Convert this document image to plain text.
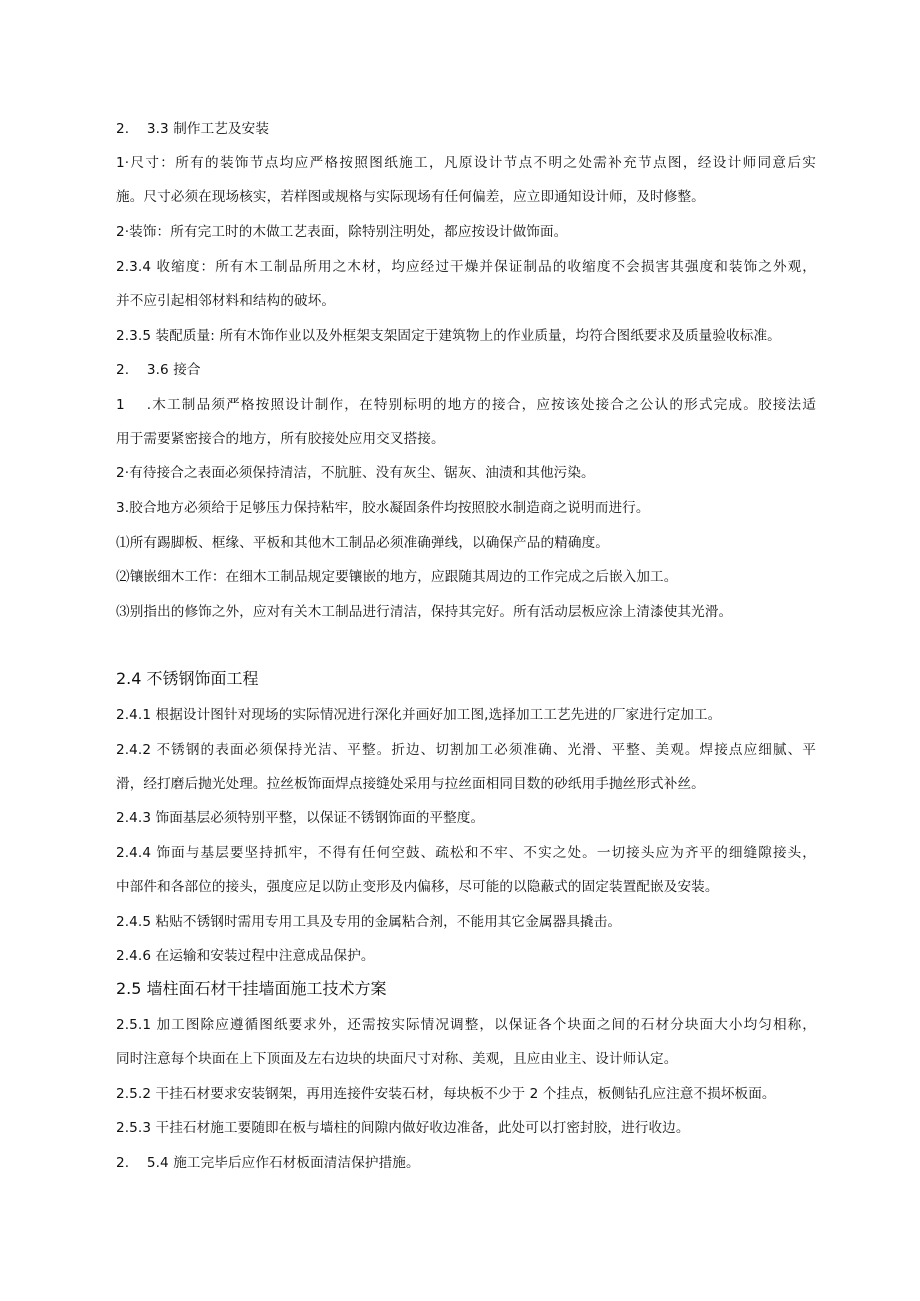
2.    3.3 制作工艺及安装
1·尺寸：所有的装饰节点均应严格按照图纸施工，凡原设计节点不明之处需补充节点图，经设计师同意后实
施。尺寸必须在现场核实，若样图或规格与实际现场有任何偏差，应立即通知设计师，及时修整。
2·装饰：所有完工时的木做工艺表面，除特别注明处，都应按设计做饰面。
2.3.4 收缩度：所有木工制品所用之木材，均应经过干燥并保证制品的收缩度不会损害其强度和装饰之外观，
并不应引起相邻材料和结构的破坏。
2.3.5 装配质量: 所有木饰作业以及外框架支架固定于建筑物上的作业质量，均符合图纸要求及质量验收标准。
2.    3.6 接合
1    .木工制品须严格按照设计制作，在特别标明的地方的接合，应按该处接合之公认的形式完成。胶接法适
用于需要紧密接合的地方，所有胶接处应用交叉搭接。
2·有待接合之表面必须保持清洁，不肮脏、没有灰尘、锯灰、油渍和其他污染。
3.胶合地方必须给于足够压力保持粘牢，胶水凝固条件均按照胶水制造商之说明而进行。
⑴所有踢脚板、框缘、平板和其他木工制品必须准确弹线，以确保产品的精确度。
⑵镶嵌细木工作：在细木工制品规定要镶嵌的地方，应跟随其周边的工作完成之后嵌入加工。
⑶别指出的修饰之外，应对有关木工制品进行清洁，保持其完好。所有活动层板应涂上清漆使其光滑。
2.4 不锈钢饰面工程
2.4.1 根据设计图针对现场的实际情况进行深化并画好加工图,选择加工工艺先进的厂家进行定加工。
2.4.2 不锈钢的表面必须保持光洁、平整。折边、切割加工必须准确、光滑、平整、美观。焊接点应细腻、平
滑，经打磨后抛光处理。拉丝板饰面焊点接缝处采用与拉丝面相同目数的砂纸用手抛丝形式补丝。
2.4.3 饰面基层必须特别平整，以保证不锈钢饰面的平整度。
2.4.4 饰面与基层要坚持抓牢，不得有任何空鼓、疏松和不牢、不实之处。一切接头应为齐平的细缝隙接头，
中部件和各部位的接头，强度应足以防止变形及内偏移，尽可能的以隐蔽式的固定装置配嵌及安装。
2.4.5 粘贴不锈钢时需用专用工具及专用的金属粘合剂，不能用其它金属器具撬击。
2.4.6 在运输和安装过程中注意成品保护。
2.5 墙柱面石材干挂墙面施工技术方案
2.5.1 加工图除应遵循图纸要求外，还需按实际情况调整，以保证各个块面之间的石材分块面大小均匀相称，
同时注意每个块面在上下顶面及左右边块的块面尺寸对称、美观，且应由业主、设计师认定。
2.5.2 干挂石材要求安装钢架，再用连接件安装石材，每块板不少于 2 个挂点，板侧钻孔应注意不损坏板面。
2.5.3 干挂石材施工要随即在板与墙柱的间隙内做好收边准备，此处可以打密封胶，进行收边。
2.    5.4 施工完毕后应作石材板面清洁保护措施。
